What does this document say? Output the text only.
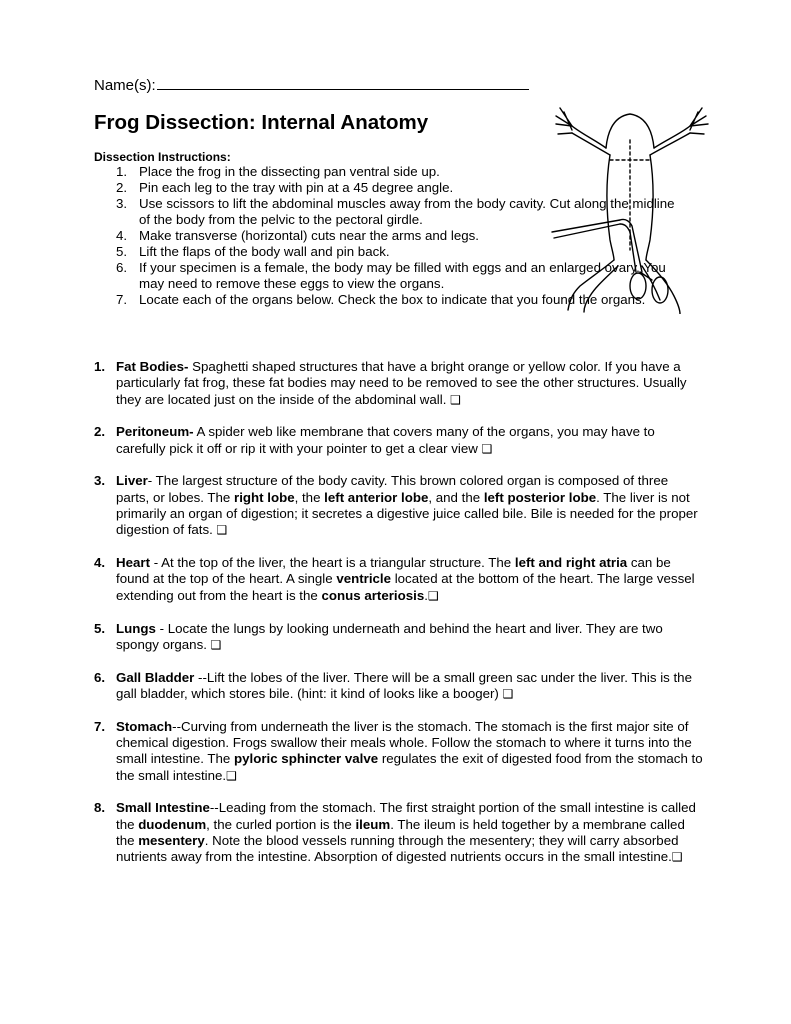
Name(s):
Frog Dissection: Internal Anatomy
Dissection Instructions:
1. Place the frog in the dissecting pan ventral side up.
2. Pin each leg to the tray with pin at a 45 degree angle.
3. Use scissors to lift the abdominal muscles away from the body cavity. Cut along the midline of the body from the pelvic to the pectoral girdle.
4. Make transverse (horizontal) cuts near the arms and legs.
5. Lift the flaps of the body wall and pin back.
6. If your specimen is a female, the body may be filled with eggs and an enlarged ovary. You may need to remove these eggs to view the organs.
7. Locate each of the organs below. Check the box to indicate that you found the organs.
1. Fat Bodies- Spaghetti shaped structures that have a bright orange or yellow color. If you have a particularly fat frog, these fat bodies may need to be removed to see the other structures. Usually they are located just on the inside of the abdominal wall. ❑
2. Peritoneum- A spider web like membrane that covers many of the organs, you may have to carefully pick it off or rip it with your pointer to get a clear view ❑
3. Liver- The largest structure of the body cavity. This brown colored organ is composed of three parts, or lobes. The right lobe, the left anterior lobe, and the left posterior lobe. The liver is not primarily an organ of digestion; it secretes a digestive juice called bile. Bile is needed for the proper digestion of fats. ❑
4. Heart - At the top of the liver, the heart is a triangular structure. The left and right atria can be found at the top of the heart. A single ventricle located at the bottom of the heart. The large vessel extending out from the heart is the conus arteriosis.❑
5. Lungs - Locate the lungs by looking underneath and behind the heart and liver. They are two spongy organs. ❑
6. Gall Bladder --Lift the lobes of the liver. There will be a small green sac under the liver. This is the gall bladder, which stores bile. (hint: it kind of looks like a booger) ❑
7. Stomach--Curving from underneath the liver is the stomach. The stomach is the first major site of chemical digestion. Frogs swallow their meals whole. Follow the stomach to where it turns into the small intestine. The pyloric sphincter valve regulates the exit of digested food from the stomach to the small intestine.❑
8. Small Intestine--Leading from the stomach. The first straight portion of the small intestine is called the duodenum, the curled portion is the ileum. The ileum is held together by a membrane called the mesentery. Note the blood vessels running through the mesentery; they will carry absorbed nutrients away from the intestine. Absorption of digested nutrients occurs in the small intestine.❑
